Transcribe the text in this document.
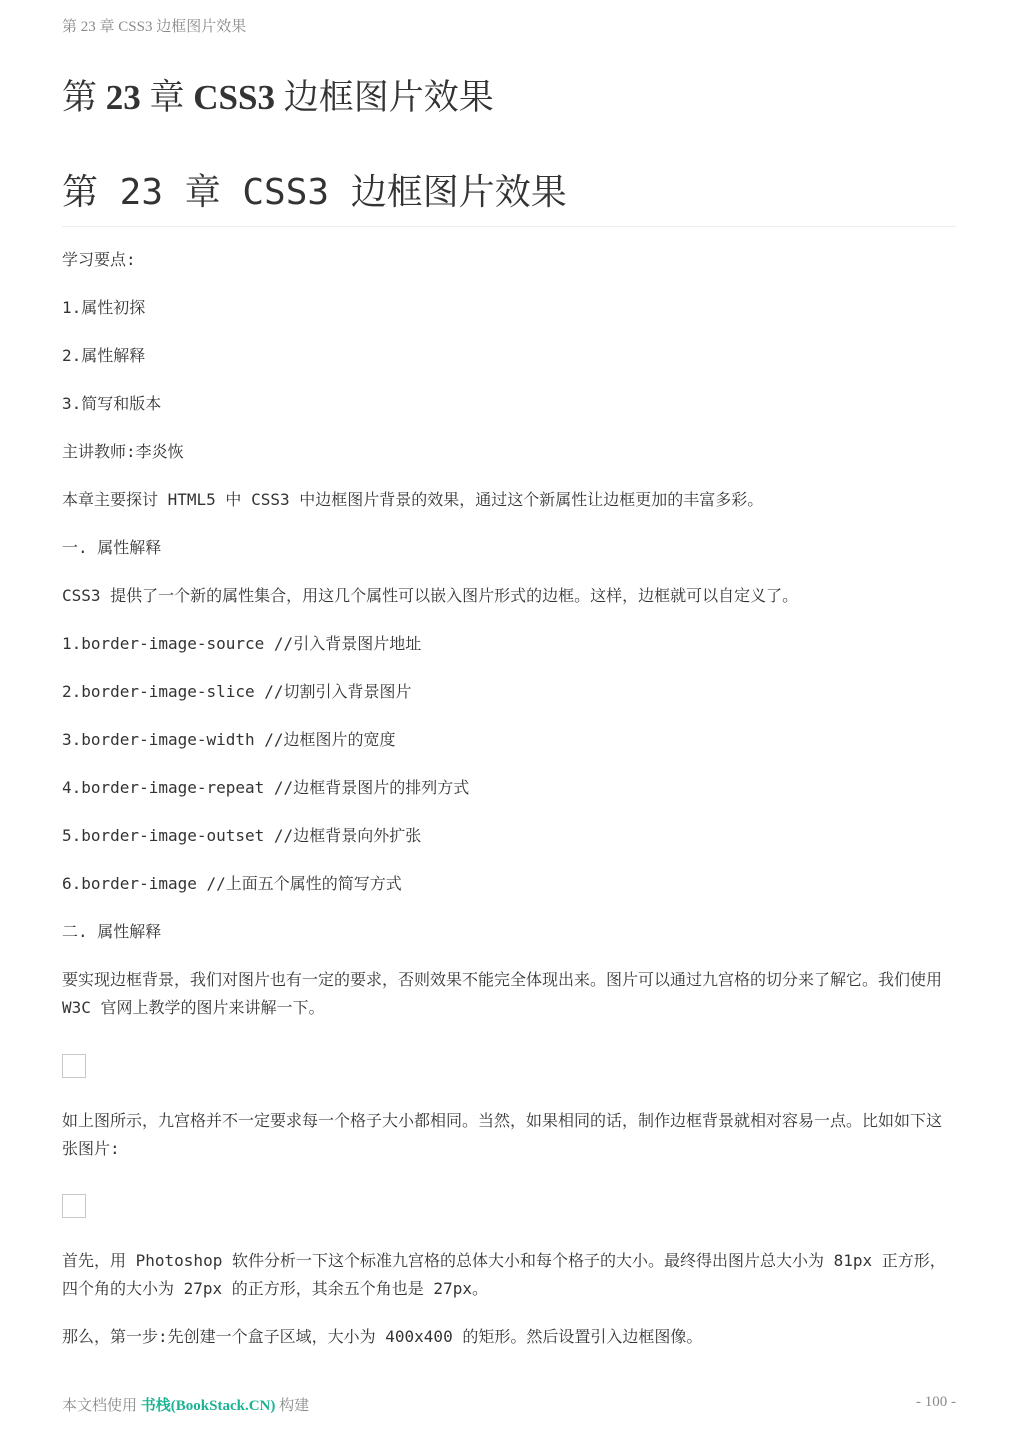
第 23 章 CSS3 边框图片效果
第 23 章 CSS3 边框图片效果
第 23 章 CSS3 边框图片效果

学习要点:

1.属性初探

2.属性解释

3.简写和版本

主讲教师:李炎恢

本章主要探讨 HTML5 中 CSS3 中边框图片背景的效果，通过这个新属性让边框更加的丰富多彩。

一. 属性解释

CSS3 提供了一个新的属性集合，用这几个属性可以嵌入图片形式的边框。这样，边框就可以自定义了。

1.border-image-source //引入背景图片地址

2.border-image-slice //切割引入背景图片

3.border-image-width //边框图片的宽度

4.border-image-repeat //边框背景图片的排列方式

5.border-image-outset //边框背景向外扩张

6.border-image //上面五个属性的简写方式

二. 属性解释

要实现边框背景，我们对图片也有一定的要求，否则效果不能完全体现出来。图片可以通过九宫格的切分来了解它。我们使用 W3C 官网上教学的图片来讲解一下。

如上图所示，九宫格并不一定要求每一个格子大小都相同。当然，如果相同的话，制作边框背景就相对容易一点。比如如下这张图片:

首先，用 Photoshop 软件分析一下这个标准九宫格的总体大小和每个格子的大小。最终得出图片总大小为 81px 正方形，四个角的大小为 27px 的正方形，其余五个角也是 27px。

那么，第一步:先创建一个盒子区域，大小为 400x400 的矩形。然后设置引入边框图像。

本文档使用 书栈(BookStack.CN) 构建	- 100 -
